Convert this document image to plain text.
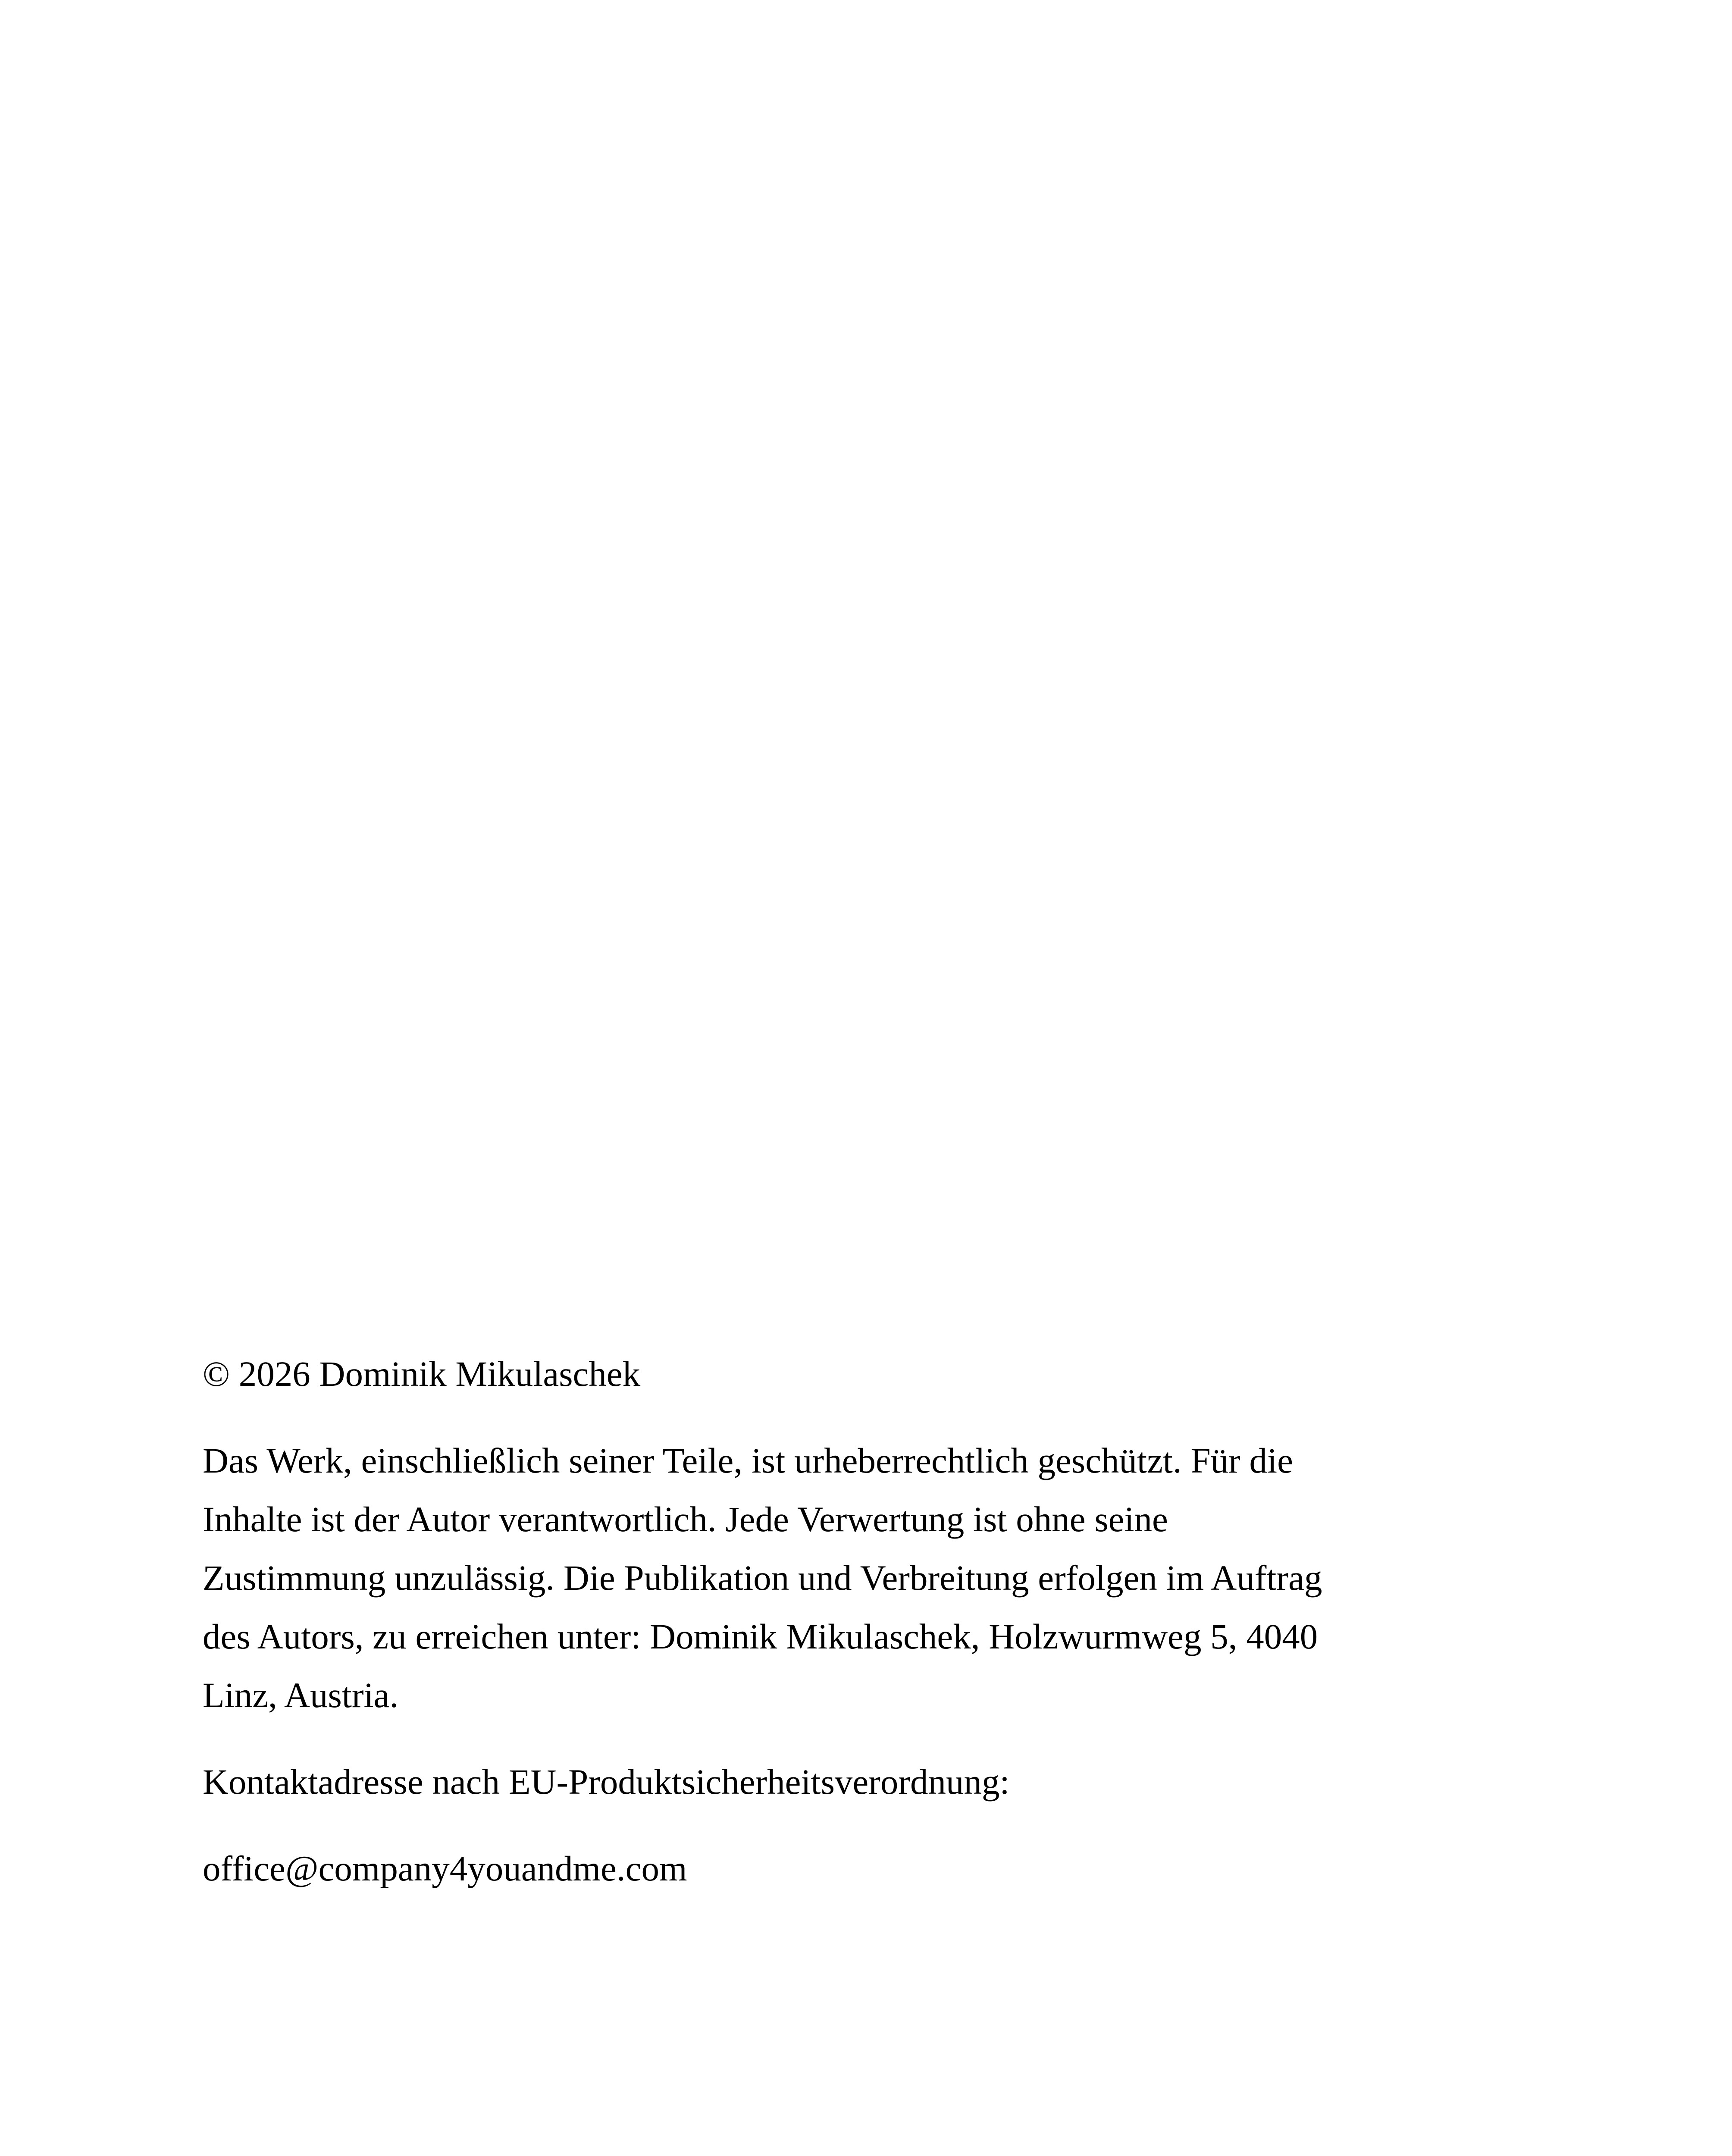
© 2026 Dominik Mikulaschek

Das Werk, einschließlich seiner Teile, ist urheberrechtlich geschützt. Für die
Inhalte ist der Autor verantwortlich. Jede Verwertung ist ohne seine
Zustimmung unzulässig. Die Publikation und Verbreitung erfolgen im Auftrag
des Autors, zu erreichen unter: Dominik Mikulaschek, Holzwurmweg 5, 4040
Linz, Austria.

Kontaktadresse nach EU-Produktsicherheitsverordnung:

office@company4youandme.com
